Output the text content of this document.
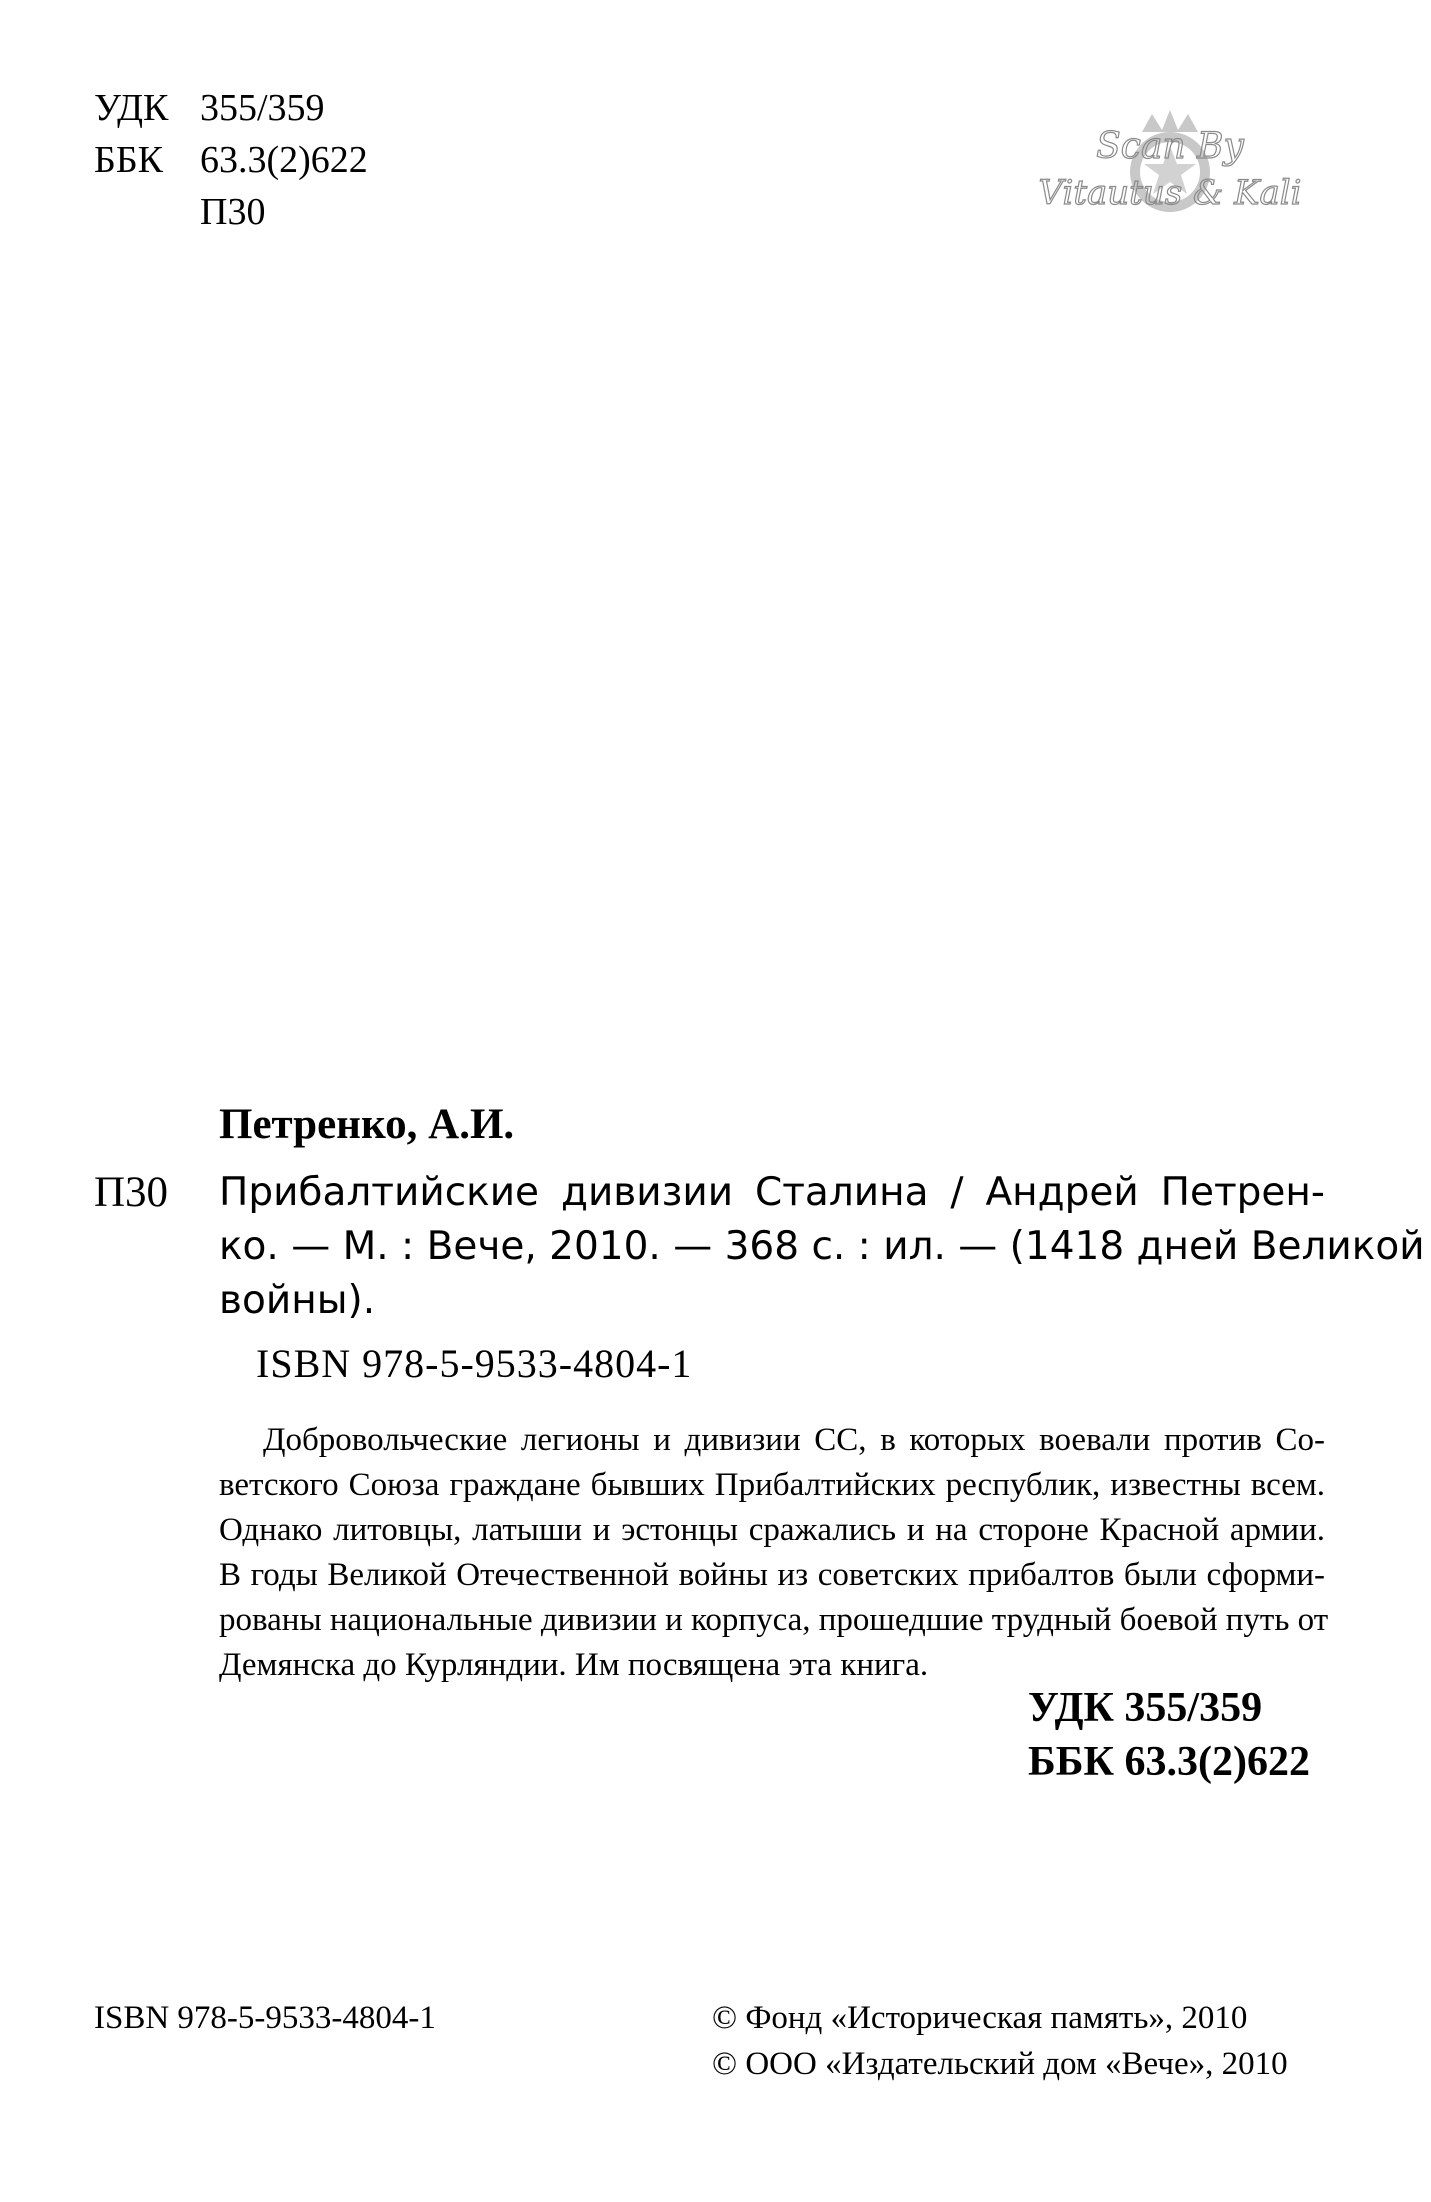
УДК 355/359
ББК 63.3(2)622
П30
Scan By
Vitautus & Kali
Петренко, А.И.
П30 Прибалтийские дивизии Сталина / Андрей Петрен-
ко. — М. : Вече, 2010. — 368 с. : ил. — (1418 дней Великой
войны).
ISBN 978-5-9533-4804-1
Добровольческие легионы и дивизии СС, в которых воевали против Со-
ветского Союза граждане бывших Прибалтийских республик, известны всем.
Однако литовцы, латыши и эстонцы сражались и на стороне Красной армии.
В годы Великой Отечественной войны из советских прибалтов были сформи-
рованы национальные дивизии и корпуса, прошедшие трудный боевой путь от
Демянска до Курляндии. Им посвящена эта книга.
УДК 355/359
ББК 63.3(2)622
ISBN 978-5-9533-4804-1	© Фонд «Историческая память», 2010
© ООО «Издательский дом «Вече», 2010
